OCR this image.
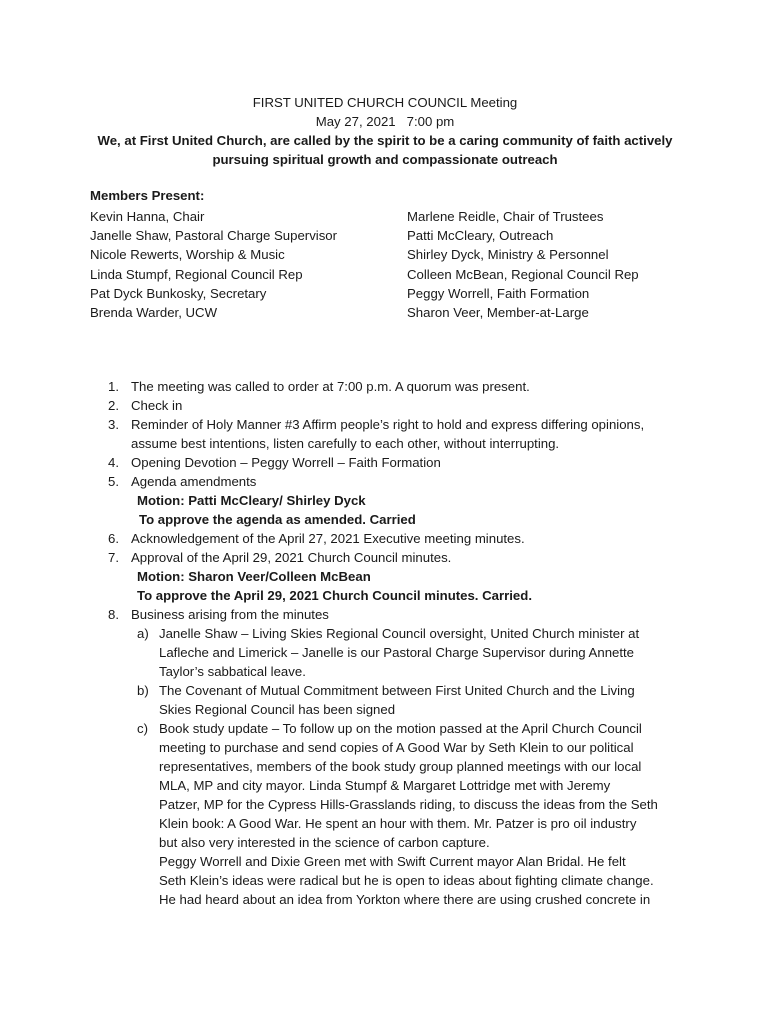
FIRST UNITED CHURCH COUNCIL Meeting
May 27, 2021   7:00 pm
We, at First United Church, are called by the spirit to be a caring community of faith actively
pursuing spiritual growth and compassionate outreach
Members Present:
Kevin Hanna, Chair
Janelle Shaw, Pastoral Charge Supervisor
Nicole Rewerts, Worship & Music
Linda Stumpf, Regional Council Rep
Pat Dyck Bunkosky, Secretary
Brenda Warder, UCW
Marlene Reidle, Chair of Trustees
Patti McCleary, Outreach
Shirley Dyck, Ministry & Personnel
Colleen McBean, Regional Council Rep
Peggy Worrell, Faith Formation
Sharon Veer, Member-at-Large
1. The meeting was called to order at 7:00 p.m. A quorum was present.
2. Check in
3. Reminder of Holy Manner #3 Affirm people’s right to hold and express differing opinions,
assume best intentions, listen carefully to each other, without interrupting.
4. Opening Devotion – Peggy Worrell – Faith Formation
5. Agenda amendments
Motion: Patti McCleary/ Shirley Dyck
To approve the agenda as amended. Carried
6. Acknowledgement of the April 27, 2021 Executive meeting minutes.
7. Approval of the April 29, 2021 Church Council minutes.
Motion: Sharon Veer/Colleen McBean
To approve the April 29, 2021 Church Council minutes. Carried.
8. Business arising from the minutes
a) Janelle Shaw – Living Skies Regional Council oversight, United Church minister at
Lafleche and Limerick – Janelle is our Pastoral Charge Supervisor during Annette
Taylor’s sabbatical leave.
b) The Covenant of Mutual Commitment between First United Church and the Living
Skies Regional Council has been signed
c) Book study update – To follow up on the motion passed at the April Church Council
meeting to purchase and send copies of A Good War by Seth Klein to our political
representatives, members of the book study group planned meetings with our local
MLA, MP and city mayor. Linda Stumpf & Margaret Lottridge met with Jeremy
Patzer, MP for the Cypress Hills-Grasslands riding, to discuss the ideas from the Seth
Klein book: A Good War. He spent an hour with them. Mr. Patzer is pro oil industry
but also very interested in the science of carbon capture.
Peggy Worrell and Dixie Green met with Swift Current mayor Alan Bridal. He felt
Seth Klein’s ideas were radical but he is open to ideas about fighting climate change.
He had heard about an idea from Yorkton where there are using crushed concrete in
